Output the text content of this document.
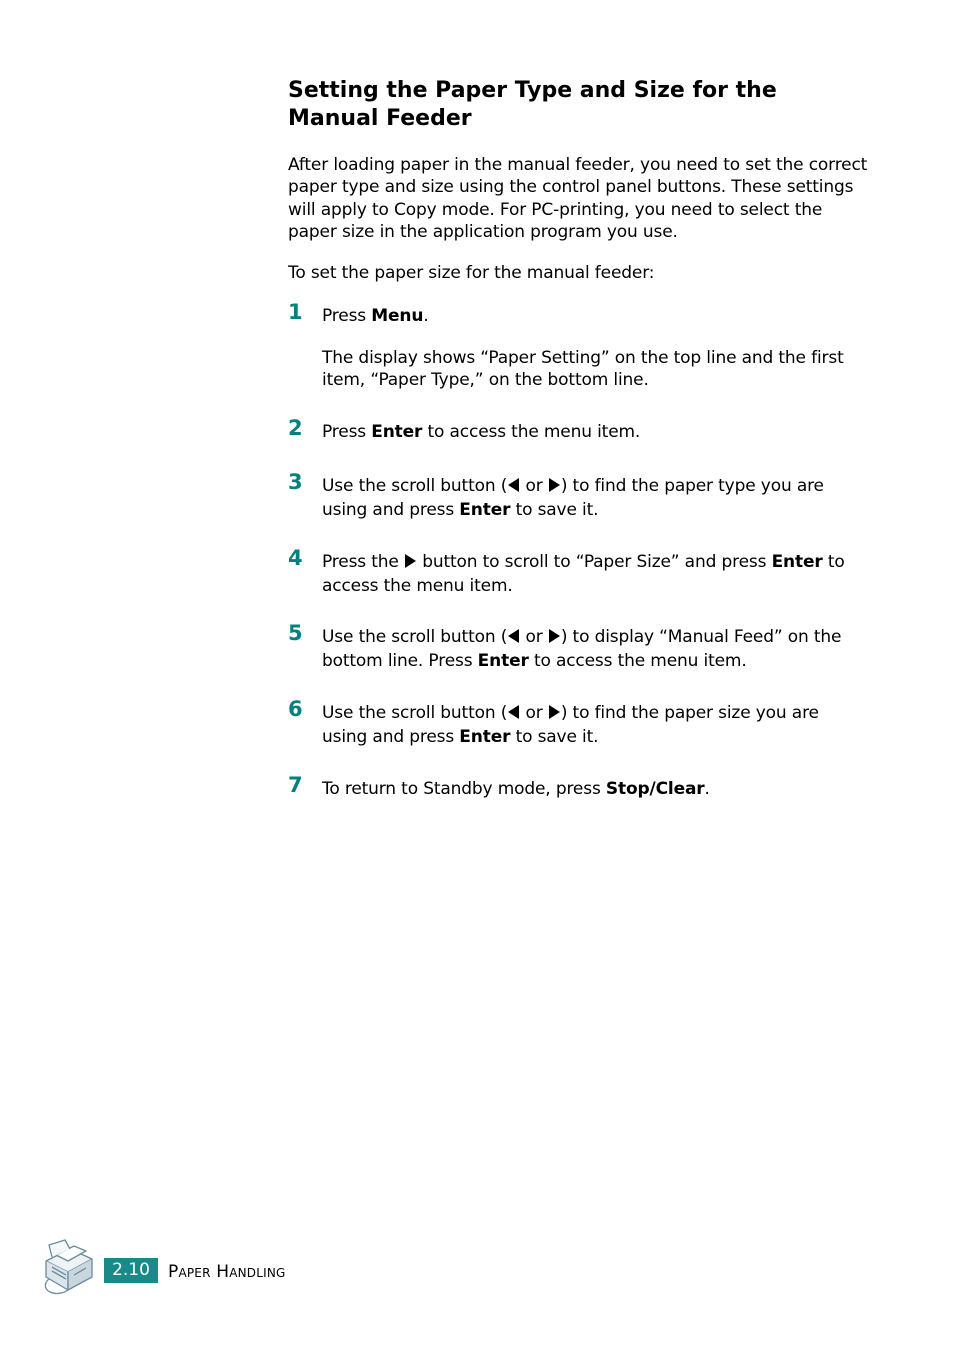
Setting the Paper Type and Size for the Manual Feeder

After loading paper in the manual feeder, you need to set the correct paper type and size using the control panel buttons. These settings will apply to Copy mode. For PC-printing, you need to select the paper size in the application program you use.

To set the paper size for the manual feeder:

1 Press Menu.
The display shows “Paper Setting” on the top line and the first item, “Paper Type,” on the bottom line.
2 Press Enter to access the menu item.
3 Use the scroll button ( or ) to find the paper type you are using and press Enter to save it.
4 Press the  button to scroll to “Paper Size” and press Enter to access the menu item.
5 Use the scroll button ( or ) to display “Manual Feed” on the bottom line. Press Enter to access the menu item.
6 Use the scroll button ( or ) to find the paper size you are using and press Enter to save it.
7 To return to Standby mode, press Stop/Clear.
2.10	Paper Handling
